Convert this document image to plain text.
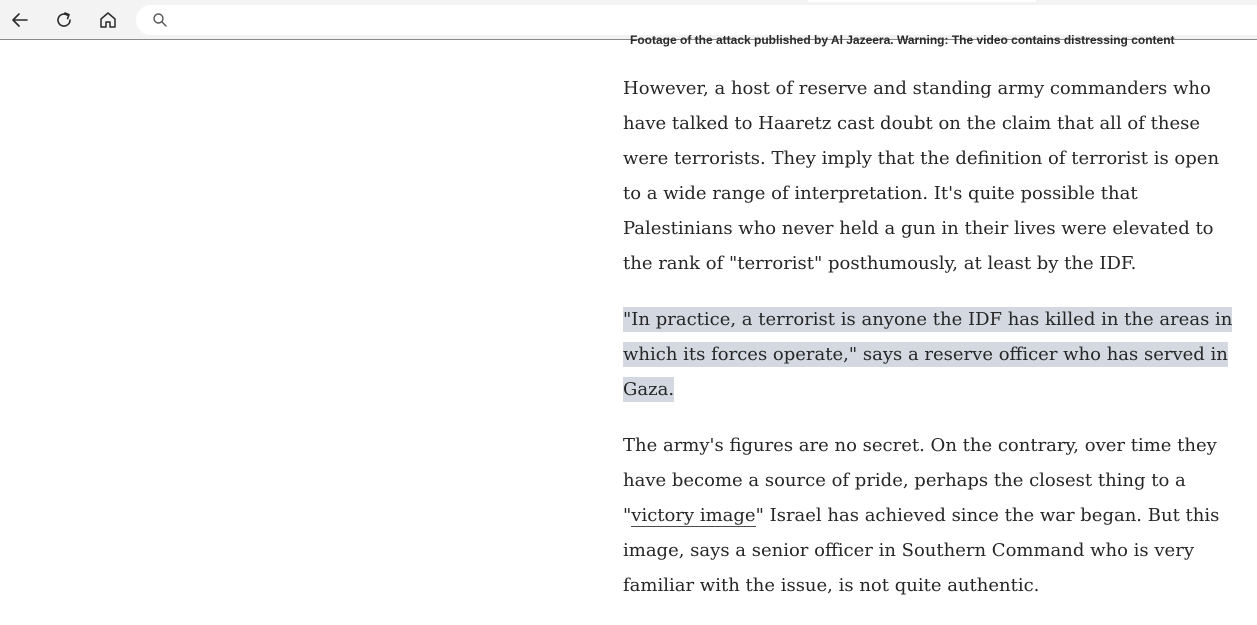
Footage of the attack published by Al Jazeera. Warning: The video contains distressing content

However, a host of reserve and standing army commanders who have talked to Haaretz cast doubt on the claim that all of these were terrorists. They imply that the definition of terrorist is open to a wide range of interpretation. It's quite possible that Palestinians who never held a gun in their lives were elevated to the rank of "terrorist" posthumously, at least by the IDF.

"In practice, a terrorist is anyone the IDF has killed in the areas in which its forces operate," says a reserve officer who has served in Gaza.

The army's figures are no secret. On the contrary, over time they have become a source of pride, perhaps the closest thing to a "victory image" Israel has achieved since the war began. But this image, says a senior officer in Southern Command who is very familiar with the issue, is not quite authentic.
